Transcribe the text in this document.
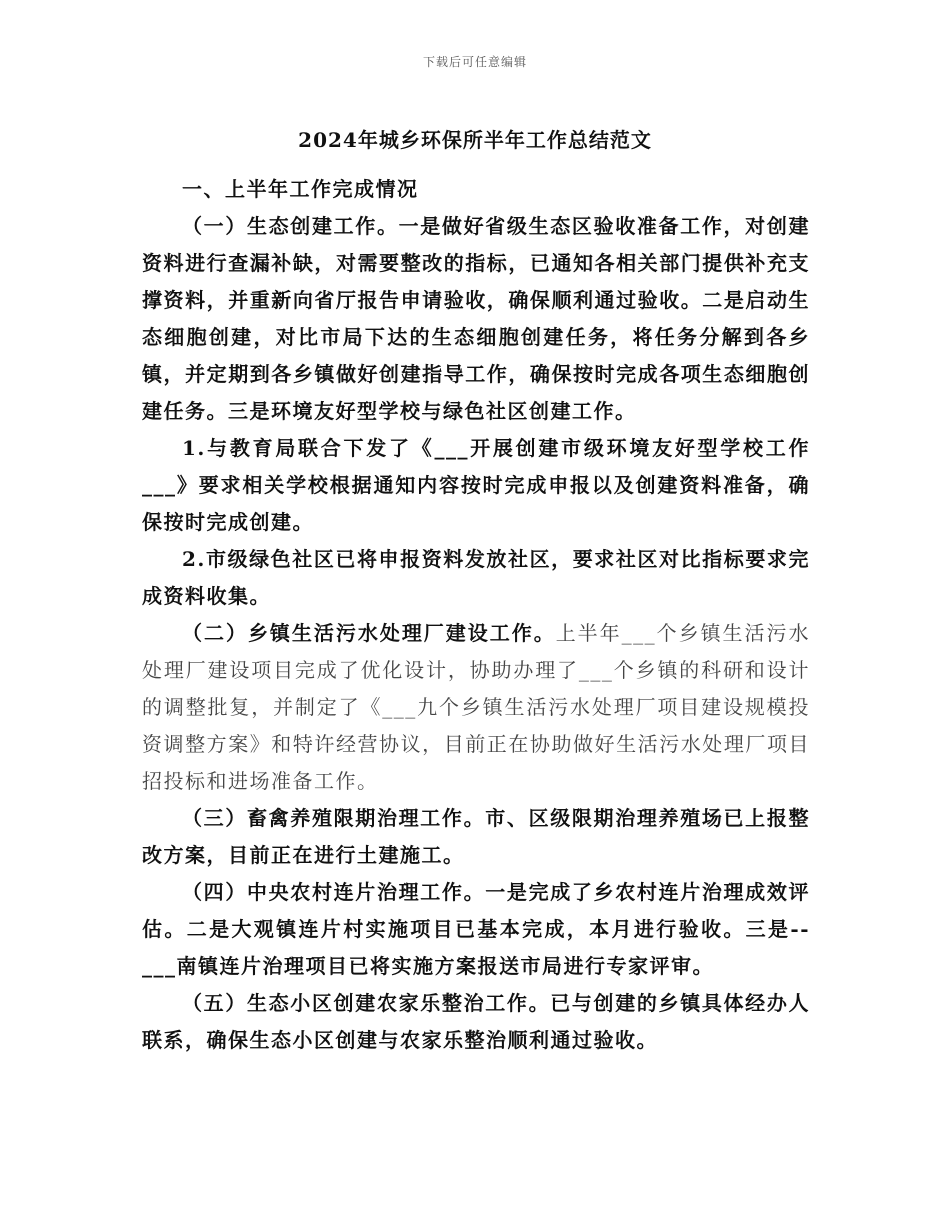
下载后可任意编辑
2024年城乡环保所半年工作总结范文

一、上半年工作完成情况

（一）生态创建工作。一是做好省级生态区验收准备工作，对创建资料进行查漏补缺，对需要整改的指标，已通知各相关部门提供补充支撑资料，并重新向省厅报告申请验收，确保顺利通过验收。二是启动生态细胞创建，对比市局下达的生态细胞创建任务，将任务分解到各乡镇，并定期到各乡镇做好创建指导工作，确保按时完成各项生态细胞创建任务。三是环境友好型学校与绿色社区创建工作。

1.与教育局联合下发了《___开展创建市级环境友好型学校工作___》要求相关学校根据通知内容按时完成申报以及创建资料准备，确保按时完成创建。

2.市级绿色社区已将申报资料发放社区，要求社区对比指标要求完成资料收集。

（二）乡镇生活污水处理厂建设工作。上半年___个乡镇生活污水处理厂建设项目完成了优化设计，协助办理了___个乡镇的科研和设计的调整批复，并制定了《___九个乡镇生活污水处理厂项目建设规模投资调整方案》和特许经营协议，目前正在协助做好生活污水处理厂项目招投标和进场准备工作。

（三）畜禽养殖限期治理工作。市、区级限期治理养殖场已上报整改方案，目前正在进行土建施工。

（四）中央农村连片治理工作。一是完成了乡农村连片治理成效评估。二是大观镇连片村实施项目已基本完成，本月进行验收。三是--___南镇连片治理项目已将实施方案报送市局进行专家评审。

（五）生态小区创建农家乐整治工作。已与创建的乡镇具体经办人联系，确保生态小区创建与农家乐整治顺利通过验收。
